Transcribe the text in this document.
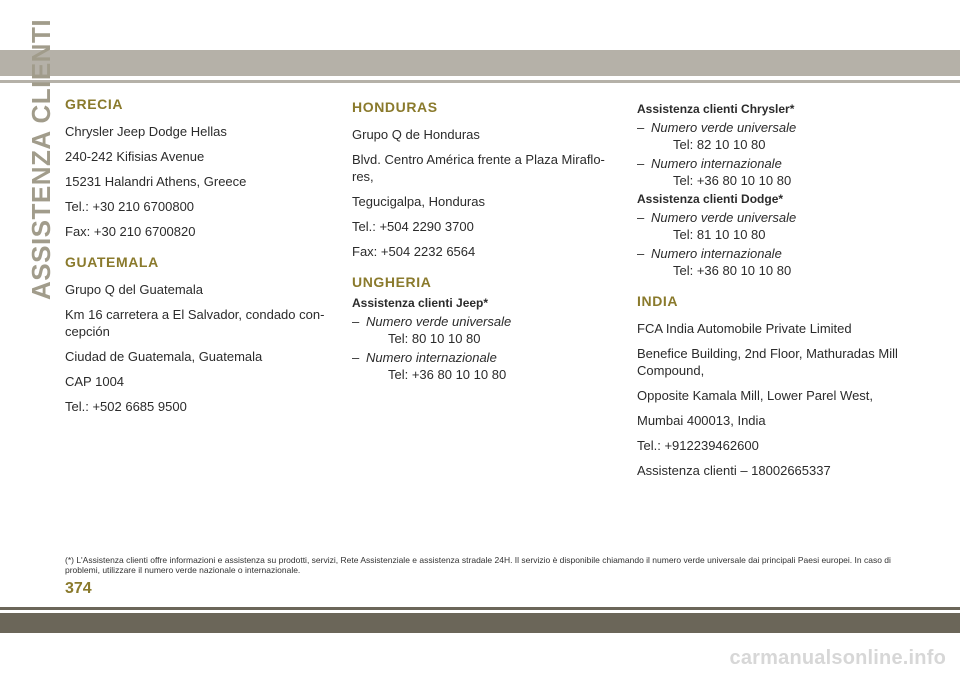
ASSISTENZA CLIENTI GRECIA

Chrysler Jeep Dodge Hellas

240-242 Kifisias Avenue

15231 Halandri Athens, Greece

Tel.: +30 210 6700800

Fax: +30 210 6700820

GUATEMALA

Grupo Q del Guatemala

Km 16 carretera a El Salvador, condado con-cepción

Ciudad de Guatemala, Guatemala

CAP 1004

Tel.: +502 6685 9500

HONDURAS

Grupo Q de Honduras

Blvd. Centro América frente a Plaza Miraflo-res,

Tegucigalpa, Honduras

Tel.: +504 2290 3700

Fax: +504 2232 6564

UNGHERIA

Assistenza clienti Jeep*

– Numero verde universale

Tel: 80 10 10 80

– Numero internazionale

Tel: +36 80 10 10 80

Assistenza clienti Chrysler*

– Numero verde universale

Tel: 82 10 10 80

– Numero internazionale

Tel: +36 80 10 10 80

Assistenza clienti Dodge*

– Numero verde universale

Tel: 81 10 10 80

– Numero internazionale

Tel: +36 80 10 10 80

INDIA

FCA India Automobile Private Limited

Benefice Building, 2nd Floor, Mathuradas Mill Compound,

Opposite Kamala Mill, Lower Parel West,

Mumbai 400013, India

Tel.: +912239462600

Assistenza clienti – 18002665337

(*) L'Assistenza clienti offre informazioni e assistenza su prodotti, servizi, Rete Assistenziale e assistenza stradale 24H. Il servizio è disponibile chiamando il numero verde universale dai principali Paesi europei. In caso di problemi, utilizzare il numero verde nazionale o internazionale.
374
carmanualsonline.info
